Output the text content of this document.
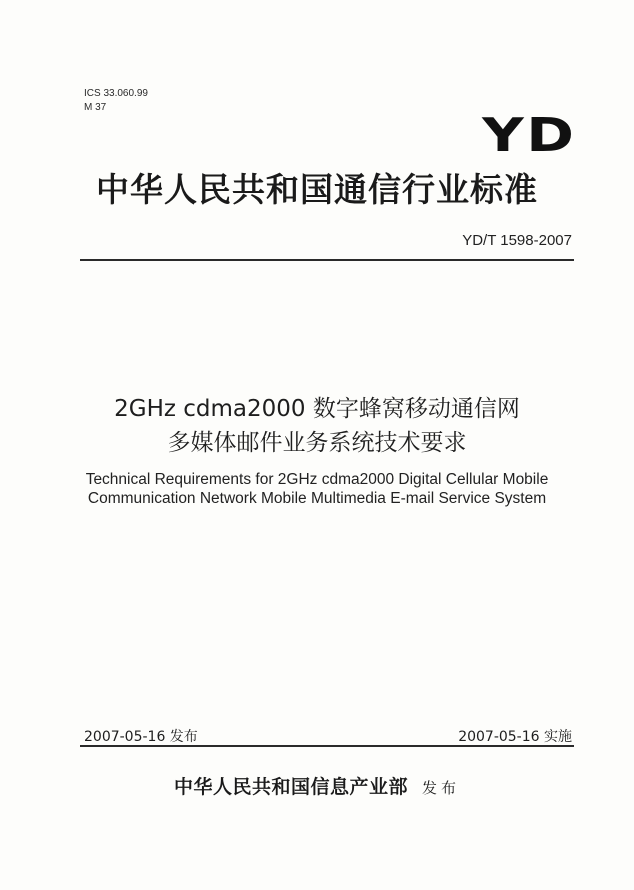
ICS 33.060.99
M 37
YD
中华人民共和国通信行业标准
YD/T 1598-2007
2GHz cdma2000 数字蜂窝移动通信网
多媒体邮件业务系统技术要求
Technical Requirements for 2GHz cdma2000 Digital Cellular Mobile
Communication Network Mobile Multimedia E-mail Service System
2007-05-16 发布	2007-05-16 实施
中华人民共和国信息产业部 发布
